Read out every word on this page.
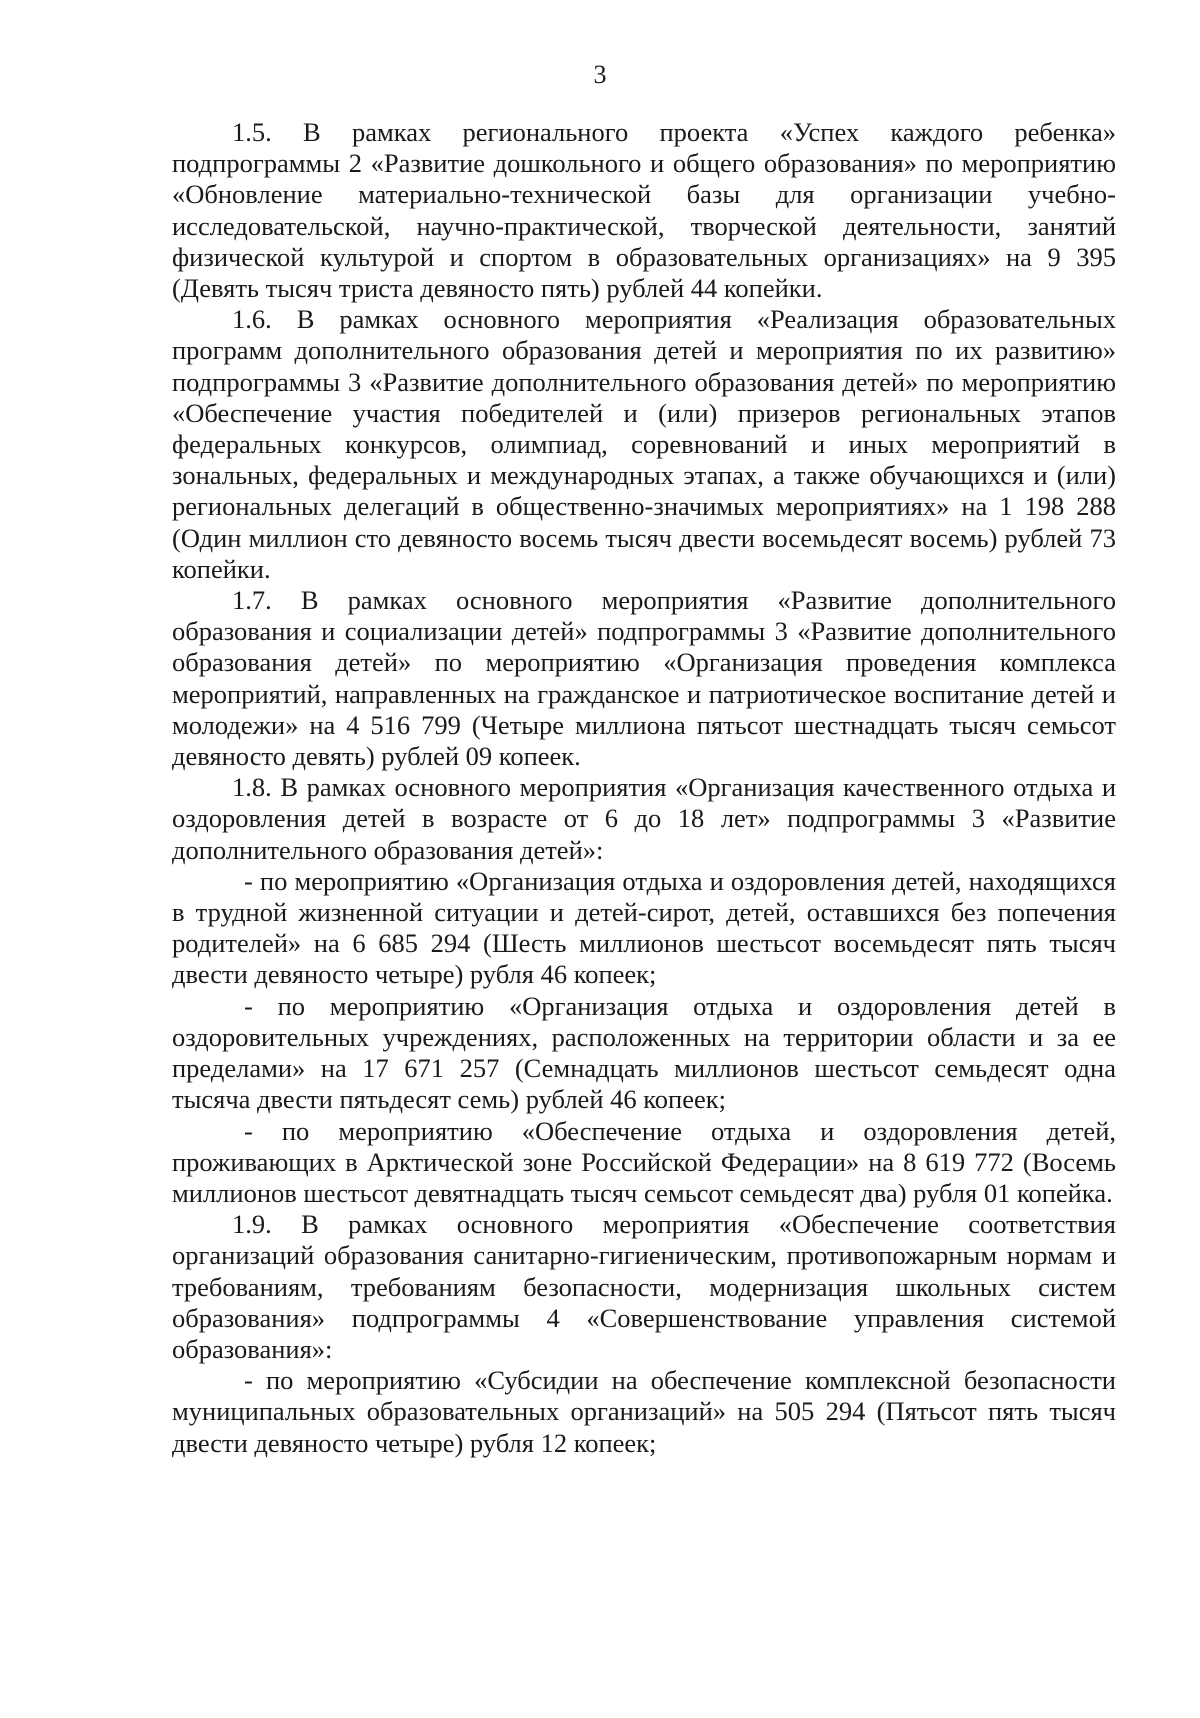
3

1.5. В рамках регионального проекта «Успех каждого ребенка» подпрограммы 2 «Развитие дошкольного и общего образования» по мероприятию «Обновление материально-технической базы для организации учебно-исследовательской, научно-практической, творческой деятельности, занятий физической культурой и спортом в образовательных организациях» на 9 395 (Девять тысяч триста девяносто пять) рублей 44 копейки.

1.6. В рамках основного мероприятия «Реализация образовательных программ дополнительного образования детей и мероприятия по их развитию» подпрограммы 3 «Развитие дополнительного образования детей» по мероприятию «Обеспечение участия победителей и (или) призеров региональных этапов федеральных конкурсов, олимпиад, соревнований и иных мероприятий в зональных, федеральных и международных этапах, а также обучающихся и (или) региональных делегаций в общественно-значимых мероприятиях» на 1 198 288 (Один миллион сто девяносто восемь тысяч двести восемьдесят восемь) рублей 73 копейки.

1.7. В рамках основного мероприятия «Развитие дополнительного образования и социализации детей» подпрограммы 3 «Развитие дополнительного образования детей» по мероприятию «Организация проведения комплекса мероприятий, направленных на гражданское и патриотическое воспитание детей и молодежи» на 4 516 799 (Четыре миллиона пятьсот шестнадцать тысяч семьсот девяносто девять) рублей 09 копеек.

1.8. В рамках основного мероприятия «Организация качественного отдыха и оздоровления детей в возрасте от 6 до 18 лет» подпрограммы 3 «Развитие дополнительного образования детей»:

- по мероприятию «Организация отдыха и оздоровления детей, находящихся в трудной жизненной ситуации и детей-сирот, детей, оставшихся без попечения родителей» на 6 685 294 (Шесть миллионов шестьсот восемьдесят пять тысяч двести девяносто четыре) рубля 46 копеек;

- по мероприятию «Организация отдыха и оздоровления детей в оздоровительных учреждениях, расположенных на территории области и за ее пределами» на 17 671 257 (Семнадцать миллионов шестьсот семьдесят одна тысяча двести пятьдесят семь) рублей 46 копеек;

- по мероприятию «Обеспечение отдыха и оздоровления детей, проживающих в Арктической зоне Российской Федерации» на 8 619 772 (Восемь миллионов шестьсот девятнадцать тысяч семьсот семьдесят два) рубля 01 копейка.

1.9. В рамках основного мероприятия «Обеспечение соответствия организаций образования санитарно-гигиеническим, противопожарным нормам и требованиям, требованиям безопасности, модернизация школьных систем образования» подпрограммы 4 «Совершенствование управления системой образования»:

- по мероприятию «Субсидии на обеспечение комплексной безопасности муниципальных образовательных организаций» на 505 294 (Пятьсот пять тысяч двести девяносто четыре) рубля 12 копеек;
